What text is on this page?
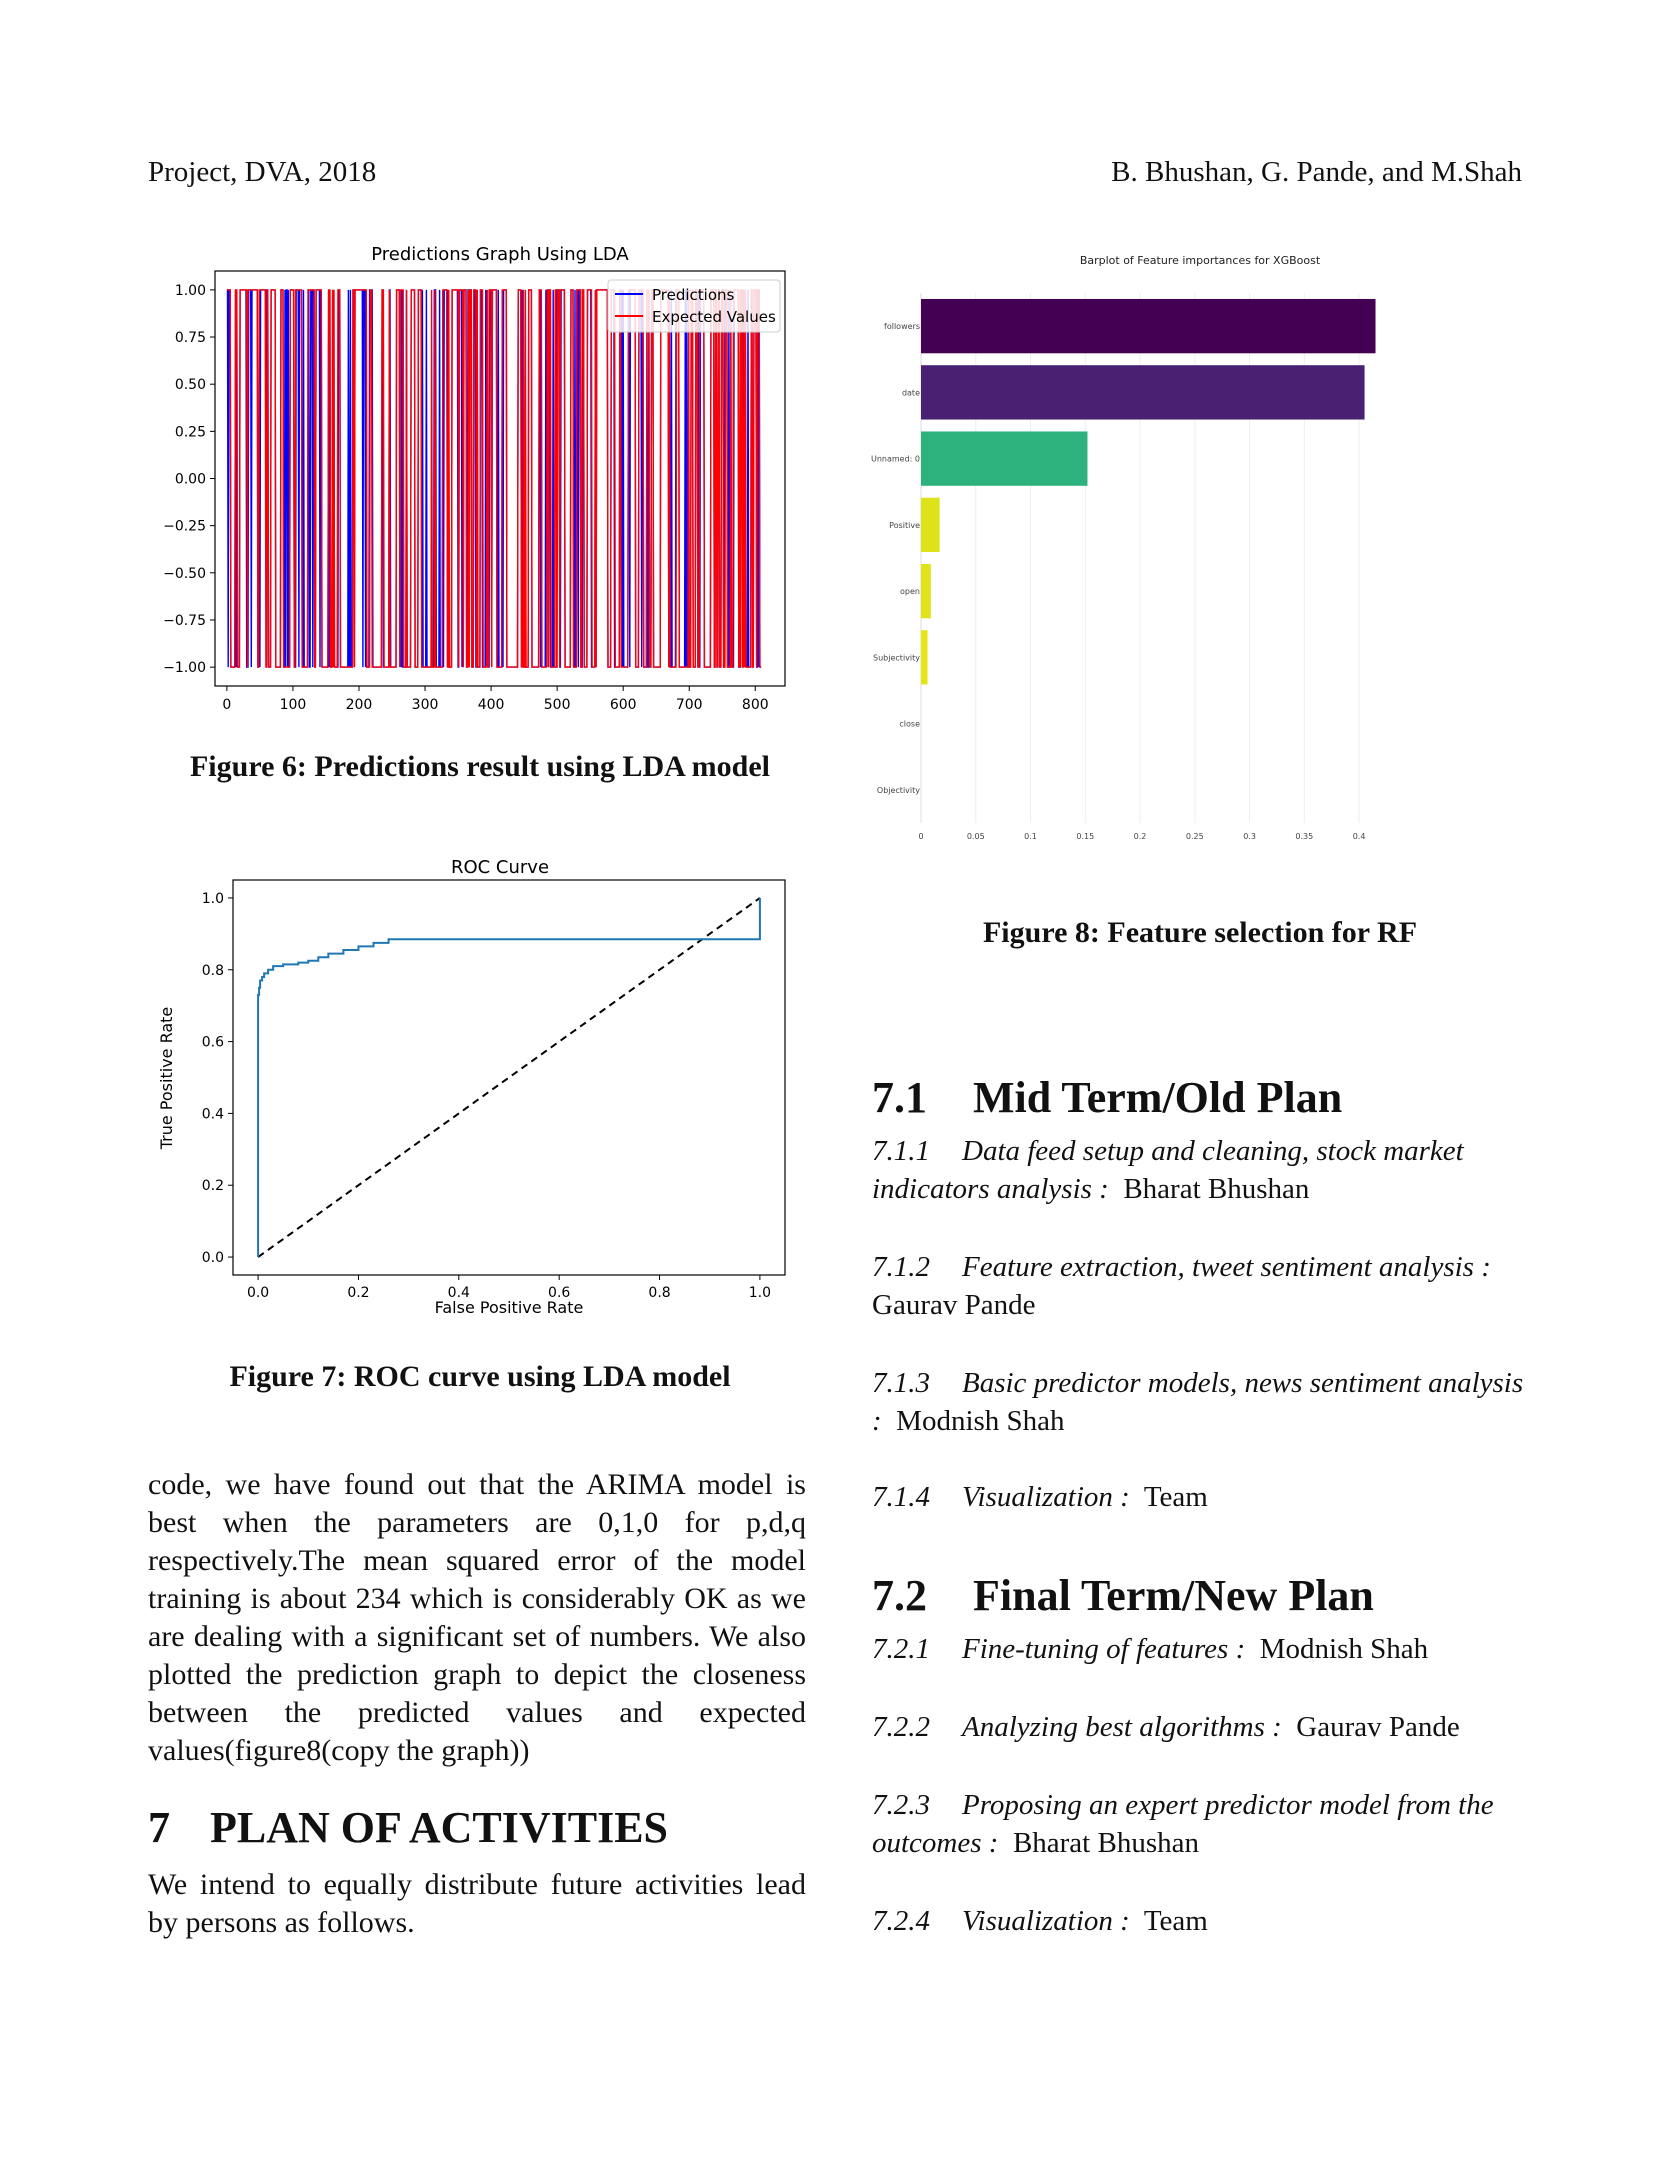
Project, DVA, 2018	B. Bhushan, G. Pande, and M.Shah
Predictions Graph Using LDA
1.00
0.75
0.50
0.25
0.00
−0.25
−0.50
−0.75
−1.00
0	100	200	300	400	500	600	700	800
Predictions
Expected Values
Figure 6: Predictions result using LDA model
ROC Curve
0.0
0.2
0.4
0.6
0.8
1.0
0.0	0.2	0.4	0.6	0.8	1.0
False Positive Rate
True Positive Rate
Figure 7: ROC curve using LDA model
code, we have found out that the ARIMA model is best when the parameters are 0,1,0 for p,d,q respectively.The mean squared error of the model training is about 234 which is considerably OK as we are dealing with a significant set of numbers. We also plotted the prediction graph to depict the closeness between the predicted values and expected values(figure8(copy the graph))
7 PLAN OF ACTIVITIES
We intend to equally distribute future activities lead by persons as follows.
Barplot of Feature importances for XGBoost
followers
date
Unnamed: 0
Positive
open
Subjectivity
close
Objectivity
0	0.05	0.1	0.15	0.2	0.25	0.3	0.35	0.4
Figure 8: Feature selection for RF
7.1 Mid Term/Old Plan
7.1.1 Data feed setup and cleaning, stock market indicators analysis : Bharat Bhushan
7.1.2 Feature extraction, tweet sentiment analysis :  Gaurav Pande
7.1.3 Basic predictor models, news sentiment analysis : Modnish Shah
7.1.4 Visualization : Team
7.2 Final Term/New Plan
7.2.1 Fine-tuning of features : Modnish Shah
7.2.2 Analyzing best algorithms : Gaurav Pande
7.2.3 Proposing an expert predictor model from the outcomes : Bharat Bhushan
7.2.4 Visualization : Team
